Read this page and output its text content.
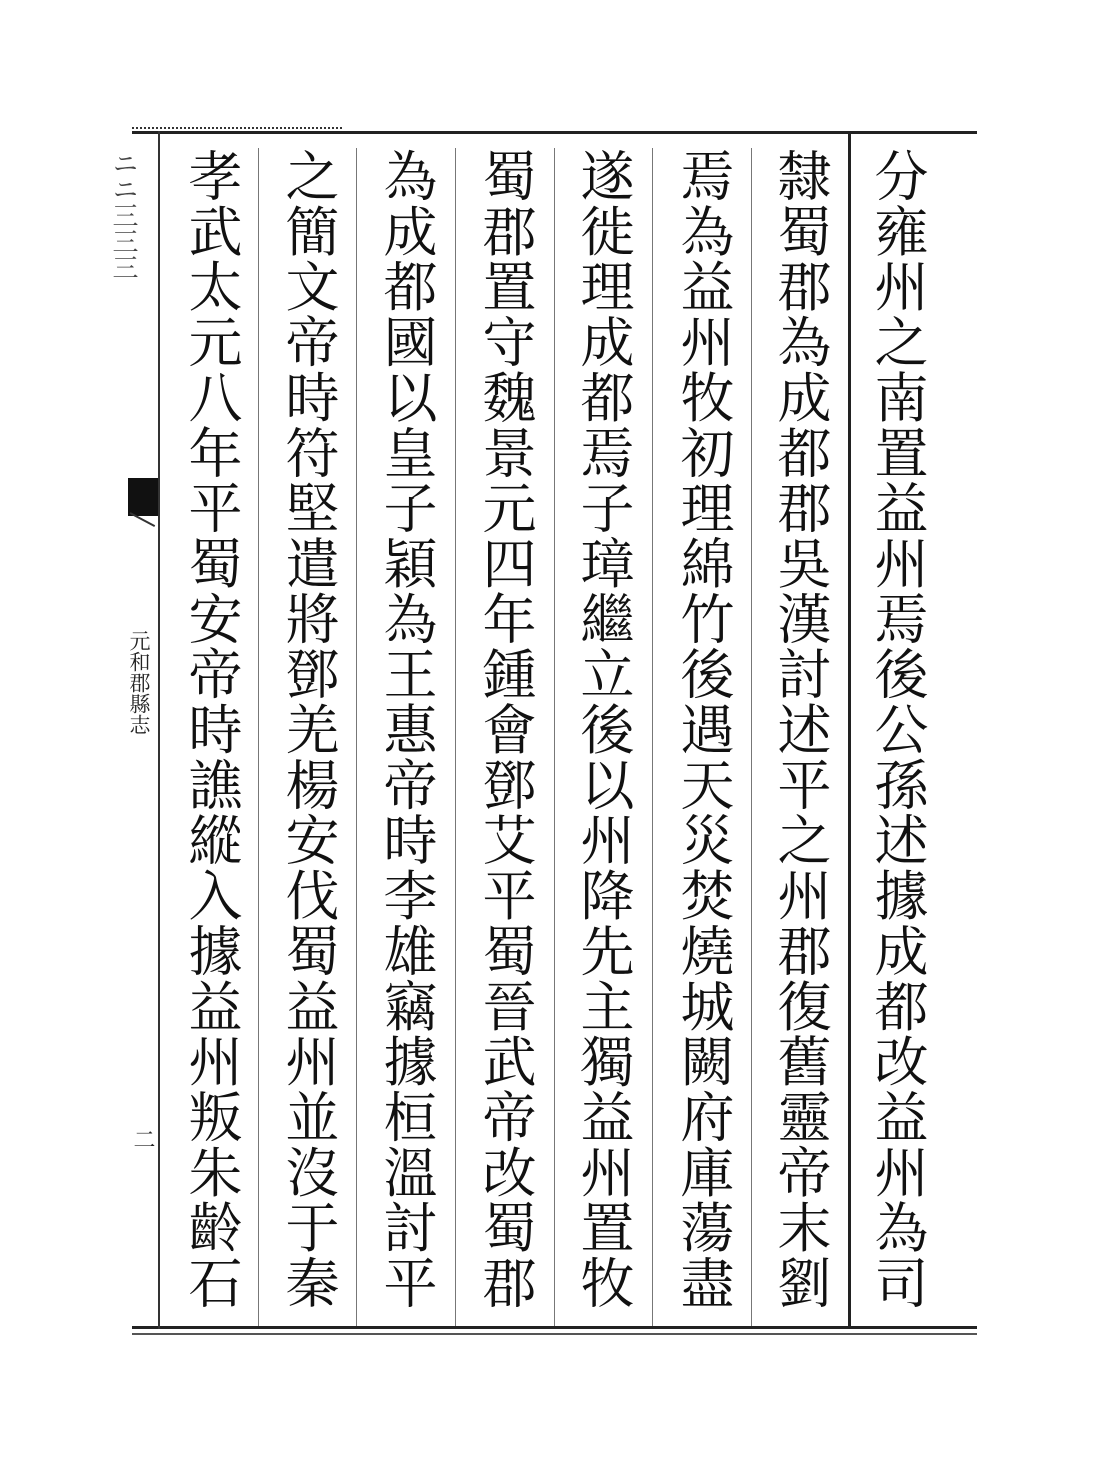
ニニ三三三
元和郡縣志
二	分雍州之南置益州焉後公孫述據成都改益州為司
隸蜀郡為成都郡吳漢討述平之州郡復舊靈帝末劉
焉為益州牧初理綿竹後遇天災焚燒城闕府庫蕩盡
遂徙理成都焉子璋繼立後以州降先主獨益州置牧
蜀郡置守魏景元四年鍾會鄧艾平蜀晉武帝改蜀郡
為成都國以皇子穎為王惠帝時李雄竊據桓溫討平
之簡文帝時符堅遣將鄧羌楊安伐蜀益州並沒于秦
孝武太元八年平蜀安帝時譙縱入據益州叛朱齡石
